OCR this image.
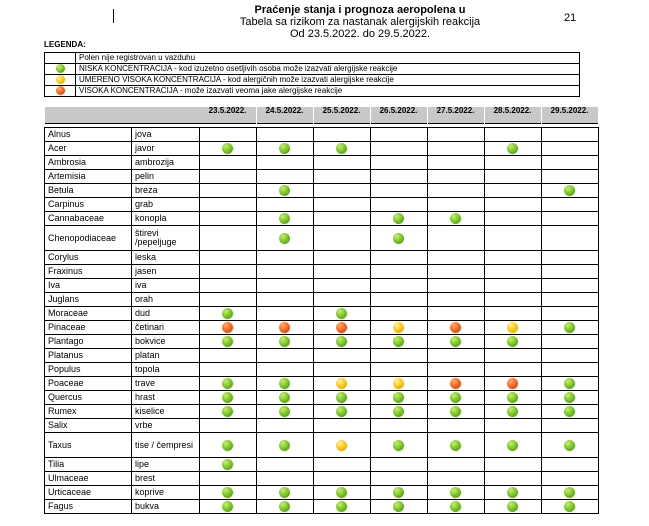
Praćenje stanja i prognoza aeropolena u
Tabela sa rizikom za nastanak alergijskih reakcija
Od 23.5.2022. do 29.5.2022.
21
LEGENDA:
	Polen nije registrovan u vazduhu
	NISKA KONCENTRACIJA - kod izuzetno osetljivih osoba može izazvati alergijske reakcije
	UMERENO VISOKA KONCENTRACIJA - kod alergičnih može izazvati alergijske reakcije
	VISOKA KONCENTRACIJA - može izazvati veoma jake alergijske reakcije
		23.5.2022.	24.5.2022.	25.5.2022.	26.5.2022.	27.5.2022.	28.5.2022.	29.5.2022.

Alnus	jova							
Acer	javor							
Ambrosia	ambrozija							
Artemisia	pelin							
Betula	breza							
Carpinus	grab							
Cannabaceae	konopla							
Chenopodiaceae	štirevi /pepeljuge							
Corylus	leska							
Fraxinus	jasen							
Iva	iva							
Juglans	orah							
Moraceae	dud							
Pinaceae	četinari							
Plantago	bokvice							
Platanus	platan							
Populus	topola							
Poaceae	trave							
Quercus	hrast							
Rumex	kiselice							
Salix	vrbe							
Taxus	tise / čempresi							
Tilia	lipe							
Ulmaceae	brest							
Urticaceae	koprive							
Fagus	bukva							
